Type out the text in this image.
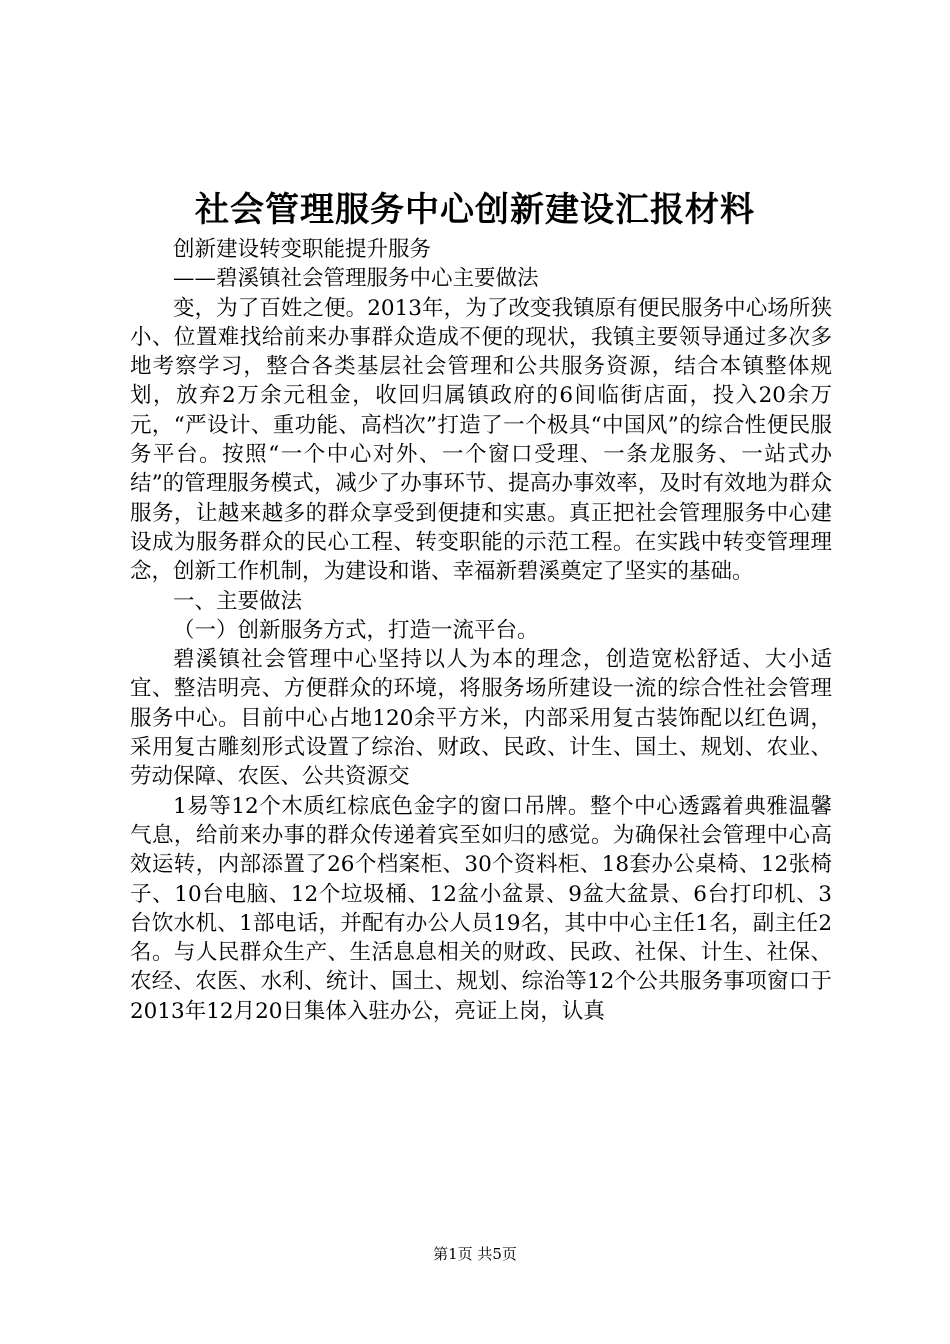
社会管理服务中心创新建设汇报材料

创新建设转变职能提升服务

——碧溪镇社会管理服务中心主要做法

变，为了百姓之便。2013年，为了改变我镇原有便民服务中心场所狭小、位置难找给前来办事群众造成不便的现状，我镇主要领导通过多次多地考察学习，整合各类基层社会管理和公共服务资源，结合本镇整体规划，放弃2万余元租金，收回归属镇政府的6间临街店面，投入20余万元，“严设计、重功能、高档次”打造了一个极具“中国风”的综合性便民服务平台。按照“一个中心对外、一个窗口受理、一条龙服务、一站式办结”的管理服务模式，减少了办事环节、提高办事效率，及时有效地为群众服务，让越来越多的群众享受到便捷和实惠。真正把社会管理服务中心建设成为服务群众的民心工程、转变职能的示范工程。在实践中转变管理理念，创新工作机制，为建设和谐、幸福新碧溪奠定了坚实的基础。

一、主要做法

（一）创新服务方式，打造一流平台。

碧溪镇社会管理中心坚持以人为本的理念，创造宽松舒适、大小适宜、整洁明亮、方便群众的环境，将服务场所建设一流的综合性社会管理服务中心。目前中心占地120余平方米，内部采用复古装饰配以红色调，采用复古雕刻形式设置了综治、财政、民政、计生、国土、规划、农业、劳动保障、农医、公共资源交

1易等12个木质红棕底色金字的窗口吊牌。整个中心透露着典雅温馨气息，给前来办事的群众传递着宾至如归的感觉。为确保社会管理中心高效运转，内部添置了26个档案柜、30个资料柜、18套办公桌椅、12张椅子、10台电脑、12个垃圾桶、12盆小盆景、9盆大盆景、6台打印机、3台饮水机、1部电话，并配有办公人员19名，其中中心主任1名，副主任2名。与人民群众生产、生活息息相关的财政、民政、社保、计生、社保、农经、农医、水利、统计、国土、规划、综治等12个公共服务事项窗口于2013年12月20日集体入驻办公，亮证上岗，认真

第1页 共5页
